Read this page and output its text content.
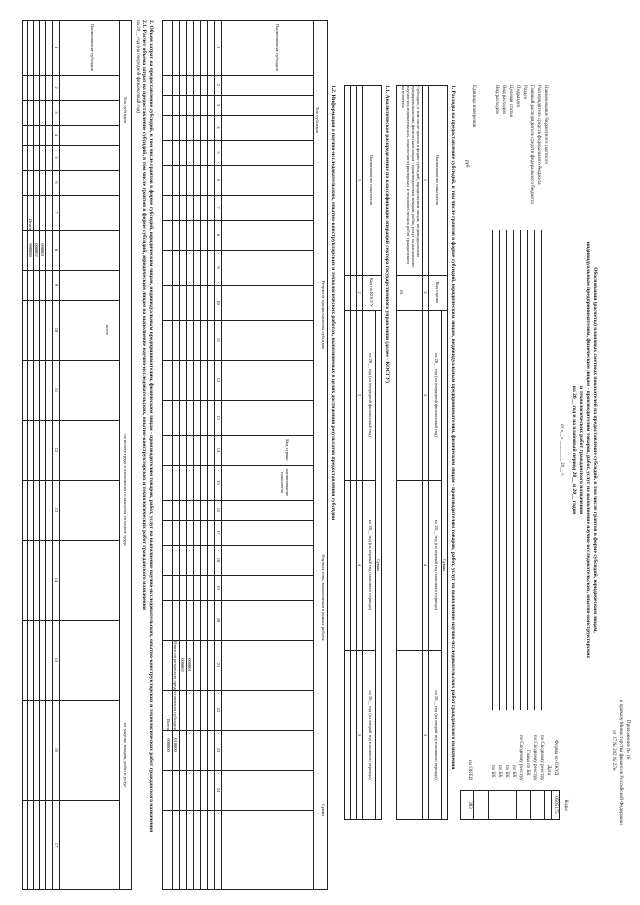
Приложение № 1Б
к приказу Министерства финансов Российской Федерации
от 17 № 202 № 27н
Обоснования (расчеты) плановых сметных показателей на предоставление субсидий, в том числе грантов в форме субсидий, юридическим лицам,
индивидуальным предпринимателям, физическим лицам - производителям товаров, работ, услуг на выполнение научно-исследовательских, опытно-конструкторских
и технологических работ гражданского назначения
на 20__ год и на плановый период 20__ и 20__ годов
от «__» ________ 20__ г.
Коды
Форма по ОКУД
0505175
Дата
по Сводному реестру
по Сводному реестру
Глава по БК
по Сводному реестру
по БК
по БК
по БК
по БК
по ОКЕИ
383
Наименование бюджетного сметного
Распорядитель средств федерального бюджета
Главный распорядитель средств федерального бюджета
Раздел
Подраздел
Целевая статья
Вид расходов
Вид расходов
Единица измерения
руб
1. Расходы на предоставление субсидий, в том числе грантов в форме субсидий, юридическим лицам, индивидуальным предпринимателям, физическим лицам - производителям товаров, работ, услуг на выполнение научно-исследовательских работ гражданского назначения
Наименование показателя
Код строки
Сумма
на 20__ год (на очередной финансовый год)
на 20__ год (на первый год планового периода)
на 20__ год (на второй год планового периода)
1
2
3
4
5
Субсидии, в том числе гранты в форме субсидий, юридическим лицам, индивидуальным предпринимателям, физическим лицам - производителям товаров, работ, услуг на выполнение научно-исследовательских, опытно-конструкторских и технологических работ гражданского назначения
01
1.1. Аналитическое распределение по классификации операций сектора государственного управления (далее - КОСГУ)
Наименование показателя
Код по КОСГУ
Сумма
на 20__ год (на очередной финансовый год)
на 20__ год (на первый год планового периода)
на 20__ год (на второй год планового периода)
1
2
3
4
5
1.2. Информация о научно-исследовательских, опытно-конструкторских и технологических работах, выполняемых в целях достижения результатов предоставления субсидии
Наименование субсидии
Тип субсидии
Результат предоставления субсидии
Научная тема, выполняемая в рамках работы
Сумма
Код строки
наименование показателя
1
2
3
4
5
6
7
8
9
10
11
12
13
14
15
16
17
18
19
20
21
22
23
24
000001
000002
Итого по результату предоставления субсидии
Всего
010000
900000
2. Объем затрат на предоставление субсидий, в том числе грантов в форме субсидий, юридическим лицам, индивидуальным предпринимателям, физическим лицам - производителям товаров, работ, услуг на выполнение научно-исследовательских, опытно-конструкторских и технологических работ гражданского назначения
2.1. Расчет объема затрат на предоставление субсидий, в том числе грантов в форме субсидий, юридическим лицам на выполнение научно-исследовательских, опытно-конструкторских и технологических работ гражданского назначения
на 20__ год (на очередной финансовый год)
Наименование субсидии
Тип субсидии
всего
на оплату труда и начисления на выплаты по оплате труда
на закупку товаров, работ и услуг
1
2
3
4
5
6
7
8
9
10
11
12
13
14
15
16
17
000001
000002
Итого
900000
